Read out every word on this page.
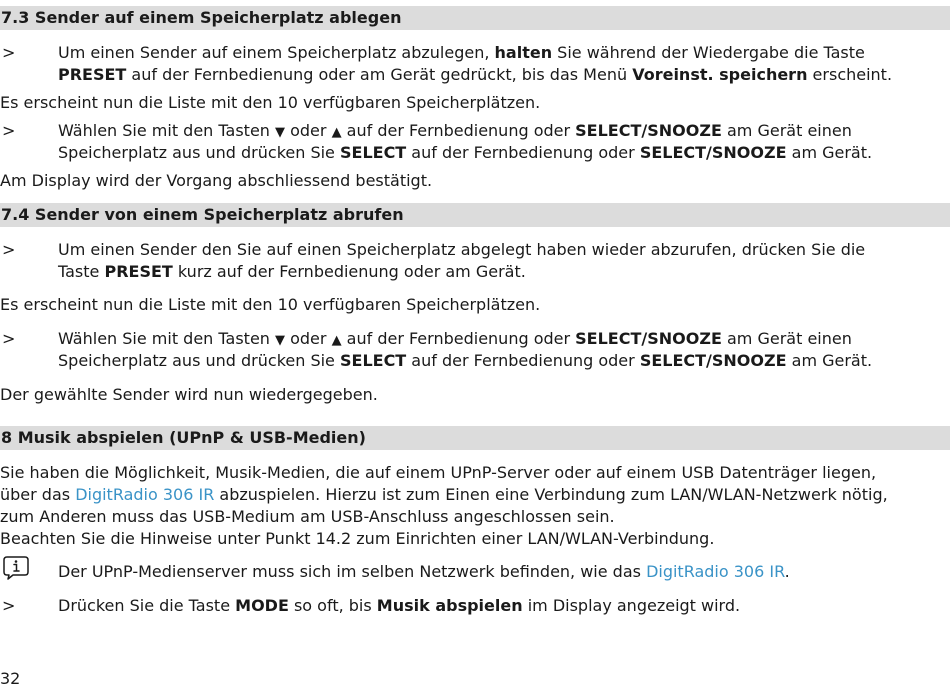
7.3 Sender auf einem Speicherplatz ablegen
>	Um einen Sender auf einem Speicherplatz abzulegen, halten Sie während der Wiedergabe die Taste
PRESET auf der Fernbedienung oder am Gerät gedrückt, bis das Menü Voreinst. speichern erscheint.
Es erscheint nun die Liste mit den 10 verfügbaren Speicherplätzen.
>	Wählen Sie mit den Tasten ▼ oder ▲ auf der Fernbedienung oder SELECT/SNOOZE am Gerät einen
Speicherplatz aus und drücken Sie SELECT auf der Fernbedienung oder SELECT/SNOOZE am Gerät.
Am Display wird der Vorgang abschliessend bestätigt.
7.4 Sender von einem Speicherplatz abrufen
>	Um einen Sender den Sie auf einen Speicherplatz abgelegt haben wieder abzurufen, drücken Sie die
Taste PRESET kurz auf der Fernbedienung oder am Gerät.
Es erscheint nun die Liste mit den 10 verfügbaren Speicherplätzen.
>	Wählen Sie mit den Tasten ▼ oder ▲ auf der Fernbedienung oder SELECT/SNOOZE am Gerät einen
Speicherplatz aus und drücken Sie SELECT auf der Fernbedienung oder SELECT/SNOOZE am Gerät.
Der gewählte Sender wird nun wiedergegeben.
8 Musik abspielen (UPnP & USB-Medien)
Sie haben die Möglichkeit, Musik-Medien, die auf einem UPnP-Server oder auf einem USB Datenträger liegen,
über das DigitRadio 306 IR abzuspielen. Hierzu ist zum Einen eine Verbindung zum LAN/WLAN-Netzwerk nötig,
zum Anderen muss das USB-Medium am USB-Anschluss angeschlossen sein.
Beachten Sie die Hinweise unter Punkt 14.2 zum Einrichten einer LAN/WLAN-Verbindung.
Der UPnP-Medienserver muss sich im selben Netzwerk befinden, wie das DigitRadio 306 IR.
>	Drücken Sie die Taste MODE so oft, bis Musik abspielen im Display angezeigt wird.
32
